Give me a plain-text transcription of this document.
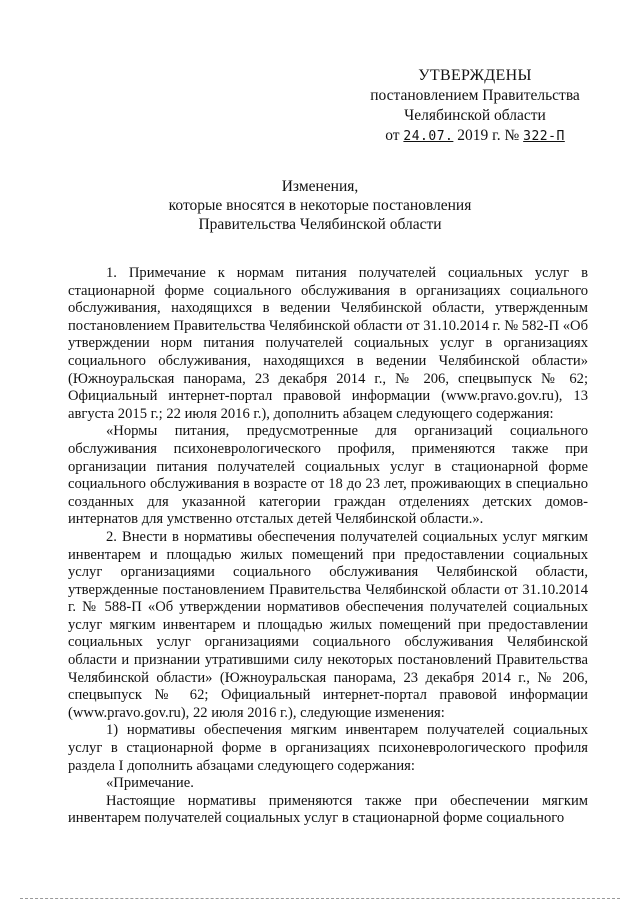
УТВЕРЖДЕНЫ
постановлением Правительства
Челябинской области
от 24.07. 2019 г. № 322-П
Изменения,
которые вносятся в некоторые постановления
Правительства Челябинской области

1. Примечание к нормам питания получателей социальных услуг в стационарной форме социального обслуживания в организациях социального обслуживания, находящихся в ведении Челябинской области, утвержденным постановлением Правительства Челябинской области от 31.10.2014 г. № 582-П «Об утверждении норм питания получателей социальных услуг в организациях социального обслуживания, находящихся в ведении Челябинской области» (Южноуральская панорама, 23 декабря 2014 г., № 206, спецвыпуск № 62; Официальный интернет-портал правовой информации (www.pravo.gov.ru), 13 августа 2015 г.; 22 июля 2016 г.), дополнить абзацем следующего содержания:

«Нормы питания, предусмотренные для организаций социального обслуживания психоневрологического профиля, применяются также при организации питания получателей социальных услуг в стационарной форме социального обслуживания в возрасте от 18 до 23 лет, проживающих в специально созданных для указанной категории граждан отделениях детских домов-интернатов для умственно отсталых детей Челябинской области.».

2. Внести в нормативы обеспечения получателей социальных услуг мягким инвентарем и площадью жилых помещений при предоставлении социальных услуг организациями социального обслуживания Челябинской области, утвержденные постановлением Правительства Челябинской области от 31.10.2014 г. № 588-П «Об утверждении нормативов обеспечения получателей социальных услуг мягким инвентарем и площадью жилых помещений при предоставлении социальных услуг организациями социального обслуживания Челябинской области и признании утратившими силу некоторых постановлений Правительства Челябинской области» (Южноуральская панорама, 23 декабря 2014 г., № 206, спецвыпуск № 62; Официальный интернет-портал правовой информации (www.pravo.gov.ru), 22 июля 2016 г.), следующие изменения:

1) нормативы обеспечения мягким инвентарем получателей социальных услуг в стационарной форме в организациях психоневрологического профиля раздела I дополнить абзацами следующего содержания:

«Примечание.

Настоящие нормативы применяются также при обеспечении мягким инвентарем получателей социальных услуг в стационарной форме социального
